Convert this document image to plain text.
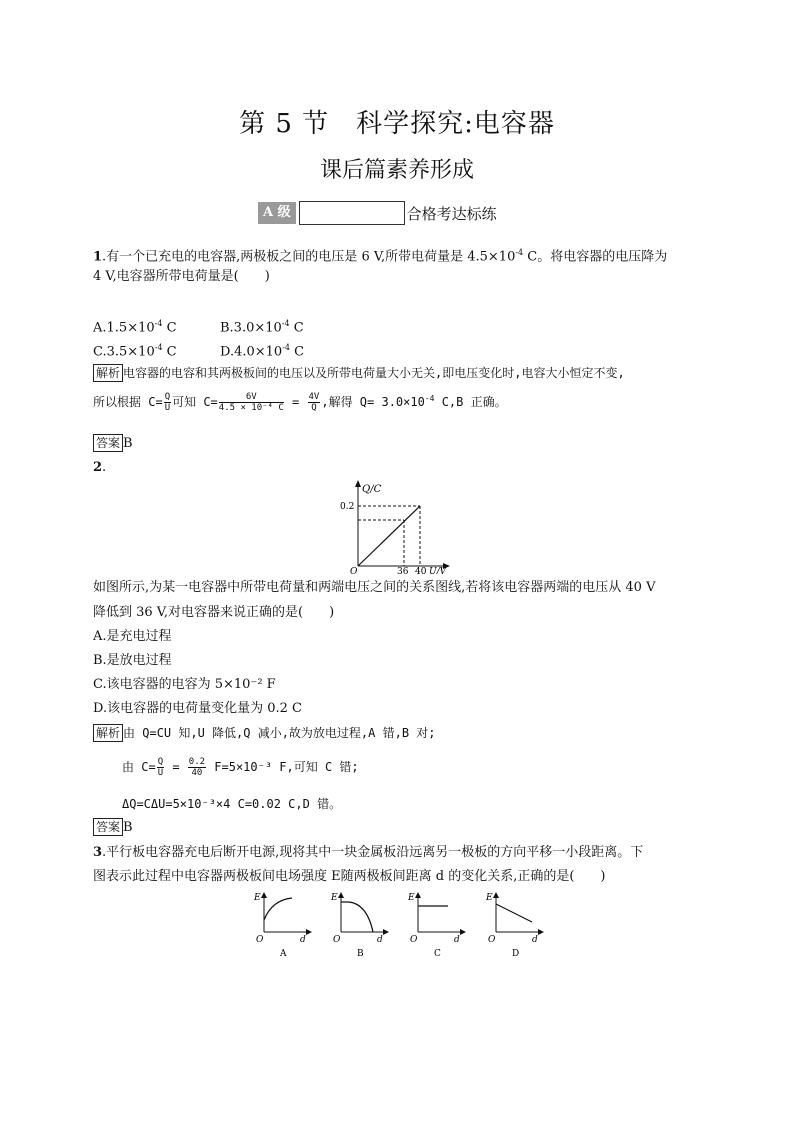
第 5 节　科学探究:电容器
课后篇素养形成
A 级	合格考达标练
1.有一个已充电的电容器,两极板之间的电压是 6 V,所带电荷量是 $4.5\times 10^{-4}$ C。将电容器的电压降为
4 V,电容器所带电荷量是(　　)
$A.1.5\times 10^{-4}$ C	$B.3.0\times 10^{-4}$ C
$C.3.5\times 10^{-4}$ C	$D.4.0\times 10^{-4}$ C
解析 电容器的电容和其两极板间的电压以及所带电荷量大小无关,即电压变化时,电容大小恒定不变,
所以根据 $C= \frac{Q}{U}$ 可知 $C= \frac{6V}{\text{4.5 × 10⁻⁴ C}} = \frac{4V}{Q}$ ,解得 $Q= 3.0\times 10^{-4}$ C,B 正确。
答案 B
2.
Q/C
0.2
O	36 40 U/V
如图所示,为某一电容器中所带电荷量和两端电压之间的关系图线,若将该电容器两端的电压从 40 V
降低到 36 V,对电容器来说正确的是(　　)
A.是充电过程
B.是放电过程
C.该电容器的电容为 5×10⁻² F
D.该电容器的电荷量变化量为 0.2 C
解析 由 Q=CU 知,U 降低,Q 减小,故为放电过程,A 错,B 对;
由 $C= \frac{Q}{U} = \frac{0.2}{40} F=5\times 10^{-3}$ F,可知 C 错;
ΔQ=CΔU=5×10⁻³×4 C=0.02 C,D 错。
答案 B
3.平行板电容器充电后断开电源,现将其中一块金属板沿远离另一极板的方向平移一小段距离。下
图表示此过程中电容器两极板间电场强度 E随两极板间距离 d 的变化关系,正确的是(　　)
E
O	d
A
E
O	d
B
E
O	d
C
E
O	d
D
